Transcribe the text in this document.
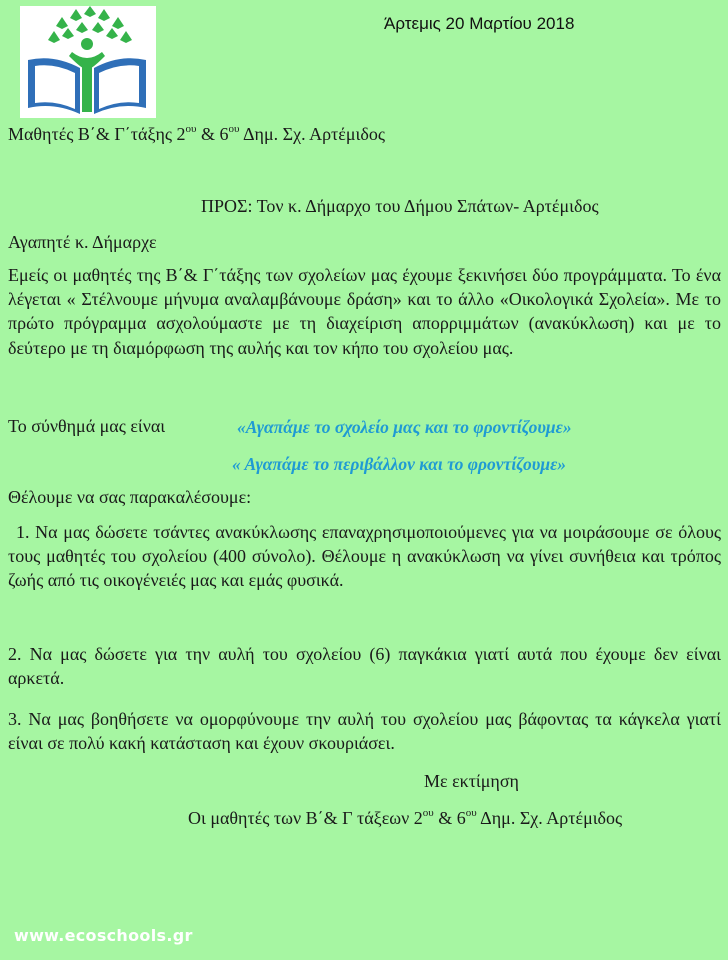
Άρτεμις 20 Μαρτίου 2018
Μαθητές Β΄& Γ΄τάξης $2^{o\upsilon}$ & $6^{o\upsilon}$ Δημ. Σχ. Αρτέμιδος
ΠΡΟΣ: Τον κ. Δήμαρχο του Δήμου Σπάτων- Αρτέμιδος
Αγαπητέ κ. Δήμαρχε
Εμείς οι μαθητές της Β΄& Γ΄τάξης των σχολείων μας έχουμε ξεκινήσει δύο προγράμματα. Το ένα λέγεται « Στέλνουμε μήνυμα αναλαμβάνουμε δράση» και το άλλο «Οικολογικά Σχολεία». Με το πρώτο πρόγραμμα ασχολούμαστε με τη διαχείριση απορριμμάτων (ανακύκλωση) και με το δεύτερο με τη διαμόρφωση της αυλής και τον κήπο του σχολείου μας.
Το σύνθημά μας είναι	«Αγαπάμε το σχολείο μας και το φροντίζουμε»
« Αγαπάμε το περιβάλλον και το φροντίζουμε»
Θέλουμε να σας παρακαλέσουμε:
1. Να μας δώσετε τσάντες ανακύκλωσης επαναχρησιμοποιούμενες για να μοιράσουμε σε όλους τους μαθητές του σχολείου (400 σύνολο). Θέλουμε η ανακύκλωση να γίνει συνήθεια και τρόπος ζωής από τις οικογένειές μας και εμάς φυσικά.
2. Να μας δώσετε για την αυλή του σχολείου (6) παγκάκια γιατί αυτά που έχουμε δεν είναι αρκετά.
3. Να μας βοηθήσετε να ομορφύνουμε την αυλή του σχολείου μας βάφοντας τα κάγκελα γιατί είναι σε πολύ κακή κατάσταση και έχουν σκουριάσει.
Με εκτίμηση
Οι μαθητές των Β΄& Γ τάξεων $2^{o\upsilon}$ & $6^{o\upsilon}$ Δημ. Σχ. Αρτέμιδος
www.ecoschools.gr
